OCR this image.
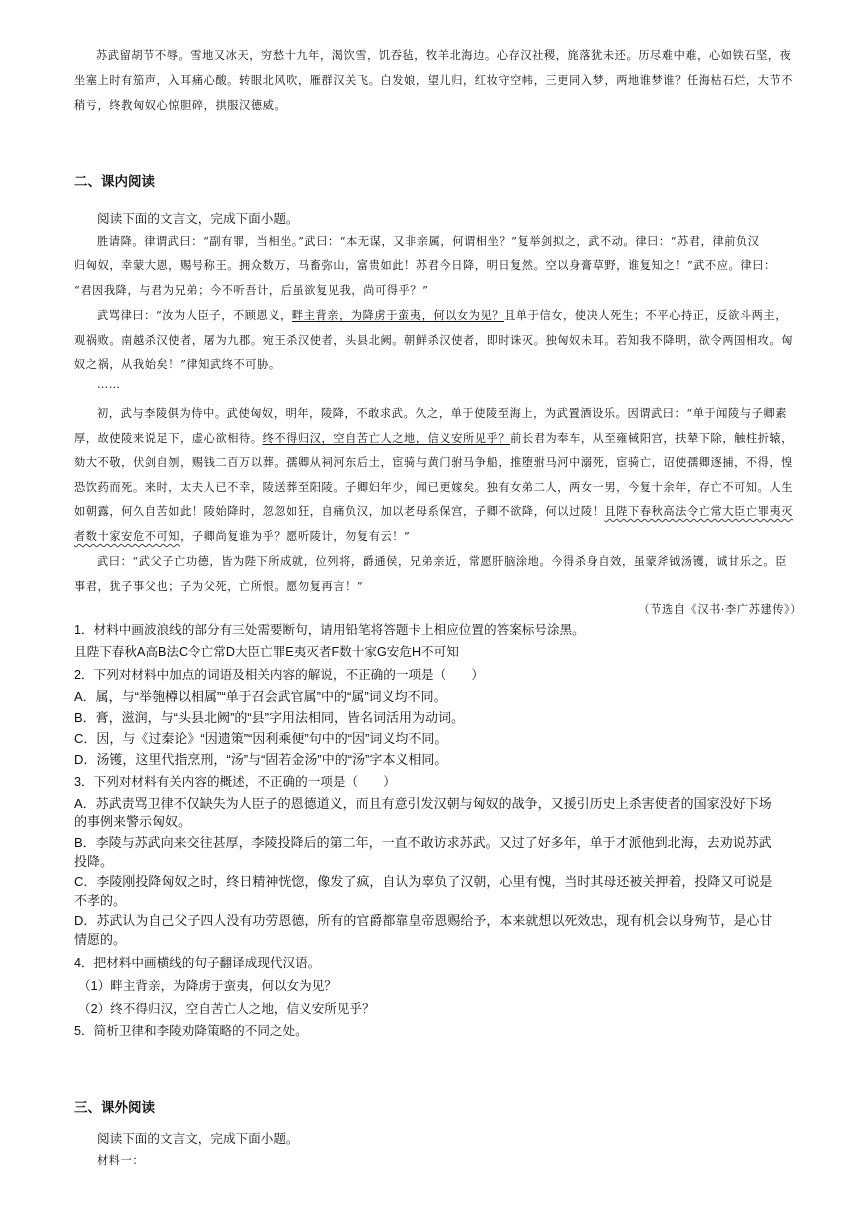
苏武留胡节不辱。雪地又冰天，穷愁十九年，渴饮雪，饥吞毡，牧羊北海边。心存汉社稷，旄落犹未还。历尽难中难，心如铁石坚，夜
坐塞上时有笳声，入耳痛心酸。转眼北风吹，雁群汉关飞。白发娘，望儿归，红妆守空帏，三更同入梦，两地谁梦谁？任海枯石烂，大节不
稍亏，终教匈奴心惊胆碎，拱服汉德威。
二、课内阅读
阅读下面的文言文，完成下面小题。
胜请降。律谓武曰：“副有罪，当相坐。”武曰：“本无谋，又非亲属，何谓相坐？”复举剑拟之，武不动。律曰：“苏君，律前负汉
归匈奴，幸蒙大恩，赐号称王。拥众数万，马畜弥山，富贵如此！苏君今日降，明日复然。空以身膏草野，谁复知之！”武不应。律曰：
“君因我降，与君为兄弟；今不听吾计，后虽欲复见我，尚可得乎？”
武骂律曰：“汝为人臣子，不顾恩义，畔主背亲，为降虏于蛮夷，何以女为见？且单于信女，使决人死生；不平心持正，反欲斗两主，
观祸败。南越杀汉使者，屠为九郡。宛王杀汉使者，头县北阙。朝鲜杀汉使者，即时诛灭。独匈奴未耳。若知我不降明，欲令两国相攻。匈
奴之祸，从我始矣！”律知武终不可胁。
……
初，武与李陵俱为侍中。武使匈奴，明年，陵降，不敢求武。久之，单于使陵至海上，为武置酒设乐。因谓武曰：“单于闻陵与子卿素
厚，故使陵来说足下，虚心欲相待。终不得归汉，空自苦亡人之地，信义安所见乎？前长君为奉车，从至雍棫阳宫，扶辇下除，触柱折辕，
劾大不敬，伏剑自刎，赐钱二百万以葬。孺卿从祠河东后土，宦骑与黄门驸马争船，推堕驸马河中溺死，宦骑亡，诏使孺卿逐捕，不得，惶
恐饮药而死。来时，太夫人已不幸，陵送葬至阳陵。子卿妇年少，闻已更嫁矣。独有女弟二人，两女一男，今复十余年，存亡不可知。人生
如朝露，何久自苦如此！陵始降时，忽忽如狂，自痛负汉，加以老母系保宫，子卿不欲降，何以过陵！且陛下春秋高法令亡常大臣亡罪夷灭
者数十家安危不可知，子卿尚复谁为乎？愿听陵计，勿复有云！”
武曰：“武父子亡功德，皆为陛下所成就，位列将，爵通侯，兄弟亲近，常愿肝脑涂地。今得杀身自效，虽蒙斧钺汤镬，诚甘乐之。臣
事君，犹子事父也；子为父死，亡所恨。愿勿复再言！”
（节选自《汉书·李广苏建传》）
1．材料中画波浪线的部分有三处需要断句，请用铅笔将答题卡上相应位置的答案标号涂黑。
且陛下春秋A高B法C令亡常D大臣亡罪E夷灭者F数十家G安危H不可知
2．下列对材料中加点的词语及相关内容的解说，不正确的一项是（　　）
A．属，与“举匏樽以相属”“单于召会武官属”中的“属”词义均不同。
B．膏，滋润，与“头县北阙”的“县”字用法相同，皆名词活用为动词。
C．因，与《过秦论》“因遗策”“因利乘便”句中的“因”词义均不同。
D．汤镬，这里代指烹刑，“汤”与“固若金汤”中的“汤”字本义相同。
3．下列对材料有关内容的概述，不正确的一项是（　　）
A．苏武责骂卫律不仅缺失为人臣子的恩德道义，而且有意引发汉朝与匈奴的战争，又援引历史上杀害使者的国家没好下场
的事例来警示匈奴。
B．李陵与苏武向来交往甚厚，李陵投降后的第二年，一直不敢访求苏武。又过了好多年，单于才派他到北海，去劝说苏武
投降。
C．李陵刚投降匈奴之时，终日精神恍惚，像发了疯，自认为辜负了汉朝，心里有愧，当时其母还被关押着，投降又可说是
不孝的。
D．苏武认为自己父子四人没有功劳恩德，所有的官爵都靠皇帝恩赐给予，本来就想以死效忠，现有机会以身殉节，是心甘
情愿的。
4．把材料中画横线的句子翻译成现代汉语。
（1）畔主背亲，为降虏于蛮夷，何以女为见？
（2）终不得归汉，空自苦亡人之地，信义安所见乎？
5．简析卫律和李陵劝降策略的不同之处。
三、课外阅读
阅读下面的文言文，完成下面小题。
材料一：
